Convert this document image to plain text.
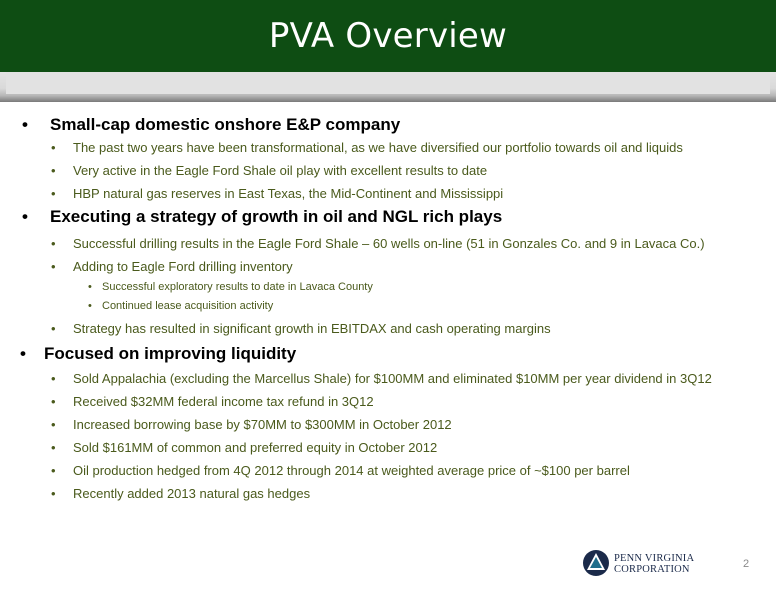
PVA Overview
• Small-cap domestic onshore E&P company
• The past two years have been transformational, as we have diversified our portfolio towards oil and liquids
• Very active in the Eagle Ford Shale oil play with excellent results to date
• HBP natural gas reserves in East Texas, the Mid-Continent and Mississippi
• Executing a strategy of growth in oil and NGL rich plays
• Successful drilling results in the Eagle Ford Shale – 60 wells on-line (51 in Gonzales Co. and 9 in Lavaca Co.)
• Adding to Eagle Ford drilling inventory
• Successful exploratory results to date in Lavaca County
• Continued lease acquisition activity
• Strategy has resulted in significant growth in EBITDAX and cash operating margins
• Focused on improving liquidity
• Sold Appalachia (excluding the Marcellus Shale) for $100MM and eliminated $10MM per year dividend in 3Q12
• Received $32MM federal income tax refund in 3Q12
• Increased borrowing base by $70MM to $300MM in October 2012
• Sold $161MM of common and preferred equity in October 2012
• Oil production hedged from 4Q 2012 through 2014 at weighted average price of ~$100 per barrel
• Recently added 2013 natural gas hedges
PENN VIRGINIA
CORPORATION	2
